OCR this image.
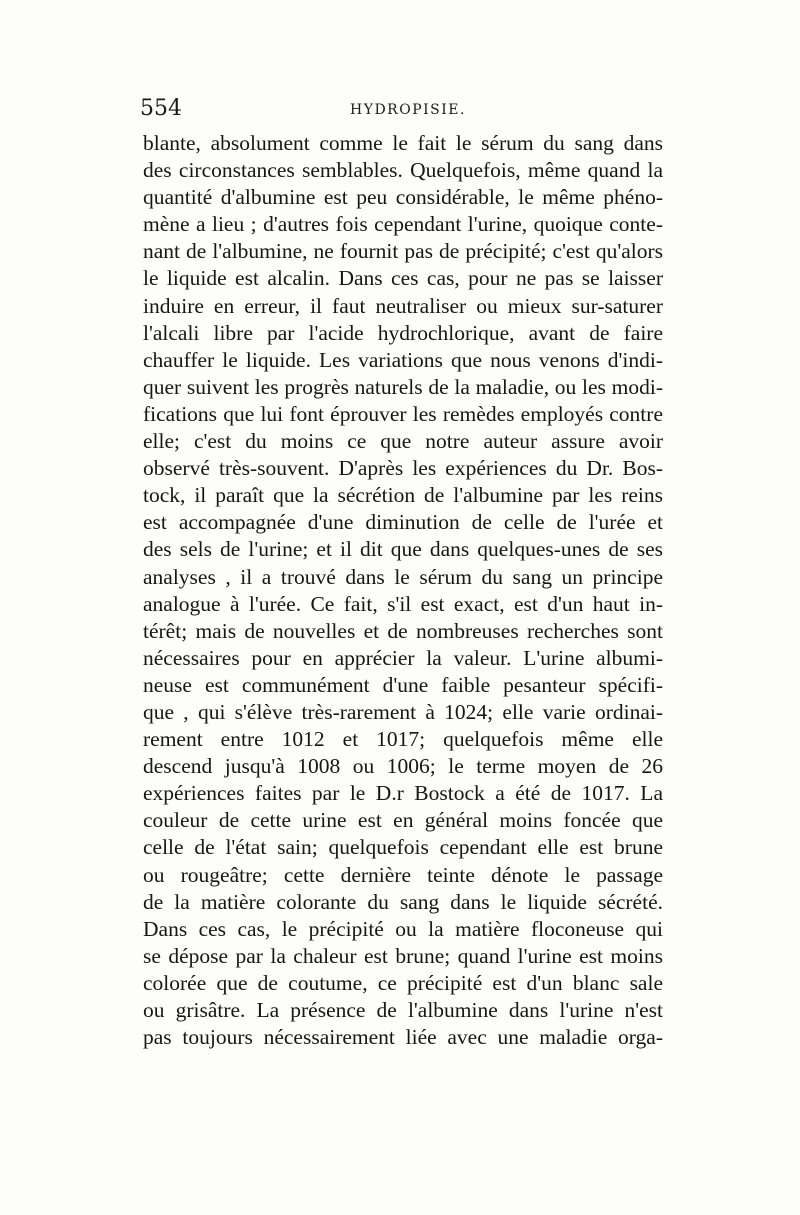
554	HYDROPISIE.
blante, absolument comme le fait le sérum du sang dans
des circonstances semblables. Quelquefois, même quand la
quantité d'albumine est peu considérable, le même phéno-
mène a lieu ; d'autres fois cependant l'urine, quoique conte-
nant de l'albumine, ne fournit pas de précipité; c'est qu'alors
le liquide est alcalin. Dans ces cas, pour ne pas se laisser
induire en erreur, il faut neutraliser ou mieux sur-saturer
l'alcali libre par l'acide hydrochlorique, avant de faire
chauffer le liquide. Les variations que nous venons d'indi-
quer suivent les progrès naturels de la maladie, ou les modi-
fications que lui font éprouver les remèdes employés contre
elle; c'est du moins ce que notre auteur assure avoir
observé très-souvent. D'après les expériences du Dr. Bos-
tock, il paraît que la sécrétion de l'albumine par les reins
est accompagnée d'une diminution de celle de l'urée et
des sels de l'urine; et il dit que dans quelques-unes de ses
analyses , il a trouvé dans le sérum du sang un principe
analogue à l'urée. Ce fait, s'il est exact, est d'un haut in-
térêt; mais de nouvelles et de nombreuses recherches sont
nécessaires pour en apprécier la valeur. L'urine albumi-
neuse est communément d'une faible pesanteur spécifi-
que , qui s'élève très-rarement à 1024; elle varie ordinai-
rement entre 1012 et 1017; quelquefois même elle
descend jusqu'à 1008 ou 1006; le terme moyen de 26
expériences faites par le D.r Bostock a été de 1017. La
couleur de cette urine est en général moins foncée que
celle de l'état sain; quelquefois cependant elle est brune
ou rougeâtre; cette dernière teinte dénote le passage
de la matière colorante du sang dans le liquide sécrété.
Dans ces cas, le précipité ou la matière floconeuse qui
se dépose par la chaleur est brune; quand l'urine est moins
colorée que de coutume, ce précipité est d'un blanc sale
ou grisâtre. La présence de l'albumine dans l'urine n'est
pas toujours nécessairement liée avec une maladie orga-
